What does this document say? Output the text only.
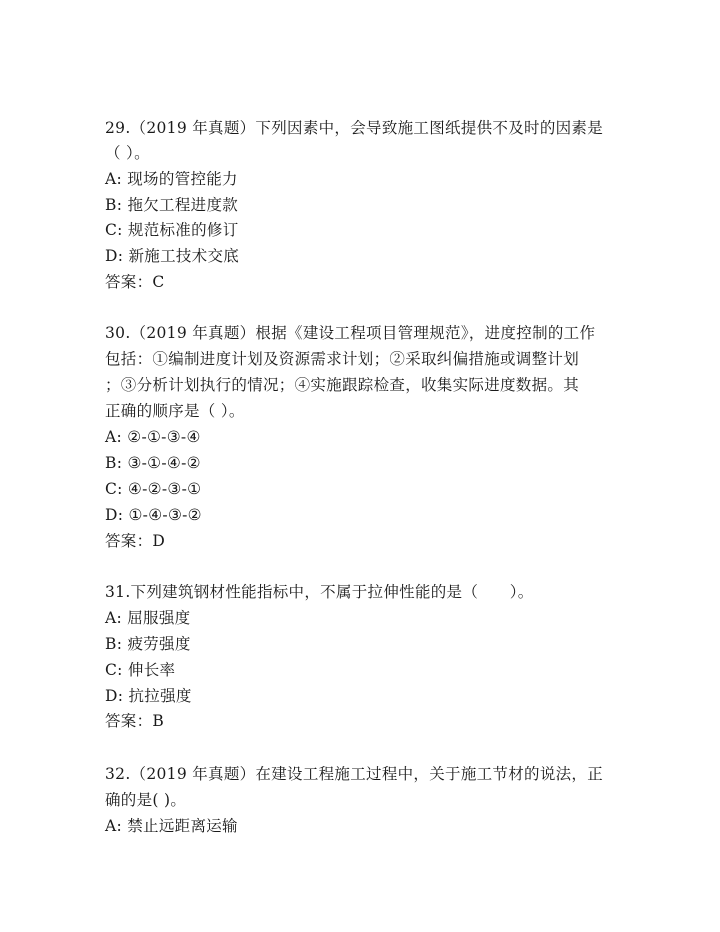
29.（2019 年真题）下列因素中，会导致施工图纸提供不及时的因素是
（ ）。
A: 现场的管控能力
B: 拖欠工程进度款
C: 规范标准的修订
D: 新施工技术交底
答案：C
30.（2019 年真题）根据《建设工程项目管理规范》，进度控制的工作
包括：①编制进度计划及资源需求计划；②采取纠偏措施或调整计划
；③分析计划执行的情况；④实施跟踪检查，收集实际进度数据。其
正确的顺序是（ ）。
A: ②-①-③-④
B: ③-①-④-②
C: ④-②-③-①
D: ①-④-③-②
答案：D
31.下列建筑钢材性能指标中，不属于拉伸性能的是（　　）。
A: 屈服强度
B: 疲劳强度
C: 伸长率
D: 抗拉强度
答案：B
32.（2019 年真题）在建设工程施工过程中，关于施工节材的说法，正
确的是( )。
A: 禁止远距离运输
